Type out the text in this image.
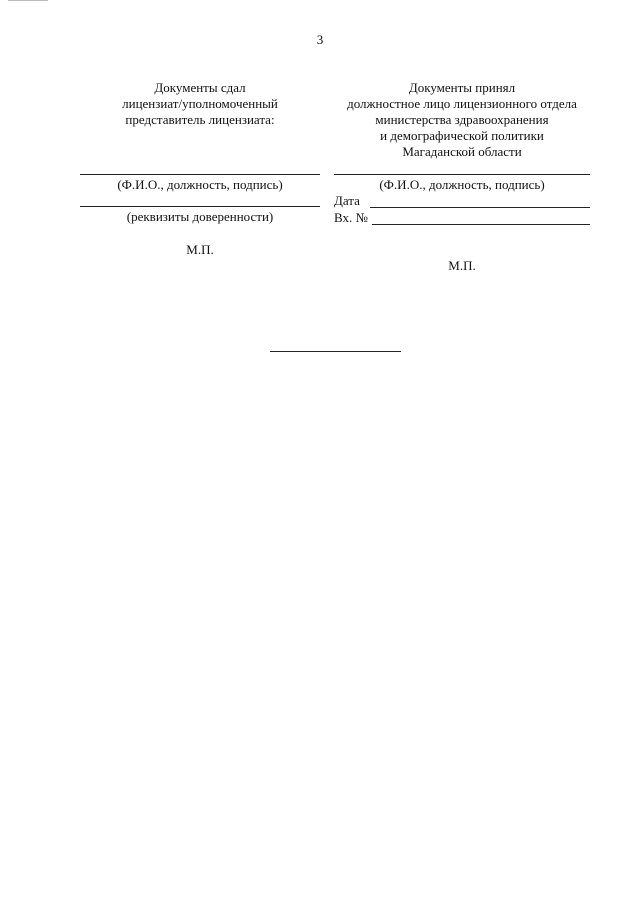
3
Документы сдал
лицензиат/уполномоченный
представитель лицензиата:
(Ф.И.О., должность, подпись)
(реквизиты доверенности)
М.П.
Документы принял
должностное лицо лицензионного отдела
министерства здравоохранения
и демографической политики
Магаданской области
(Ф.И.О., должность, подпись)
Дата
Вх. №
М.П.
